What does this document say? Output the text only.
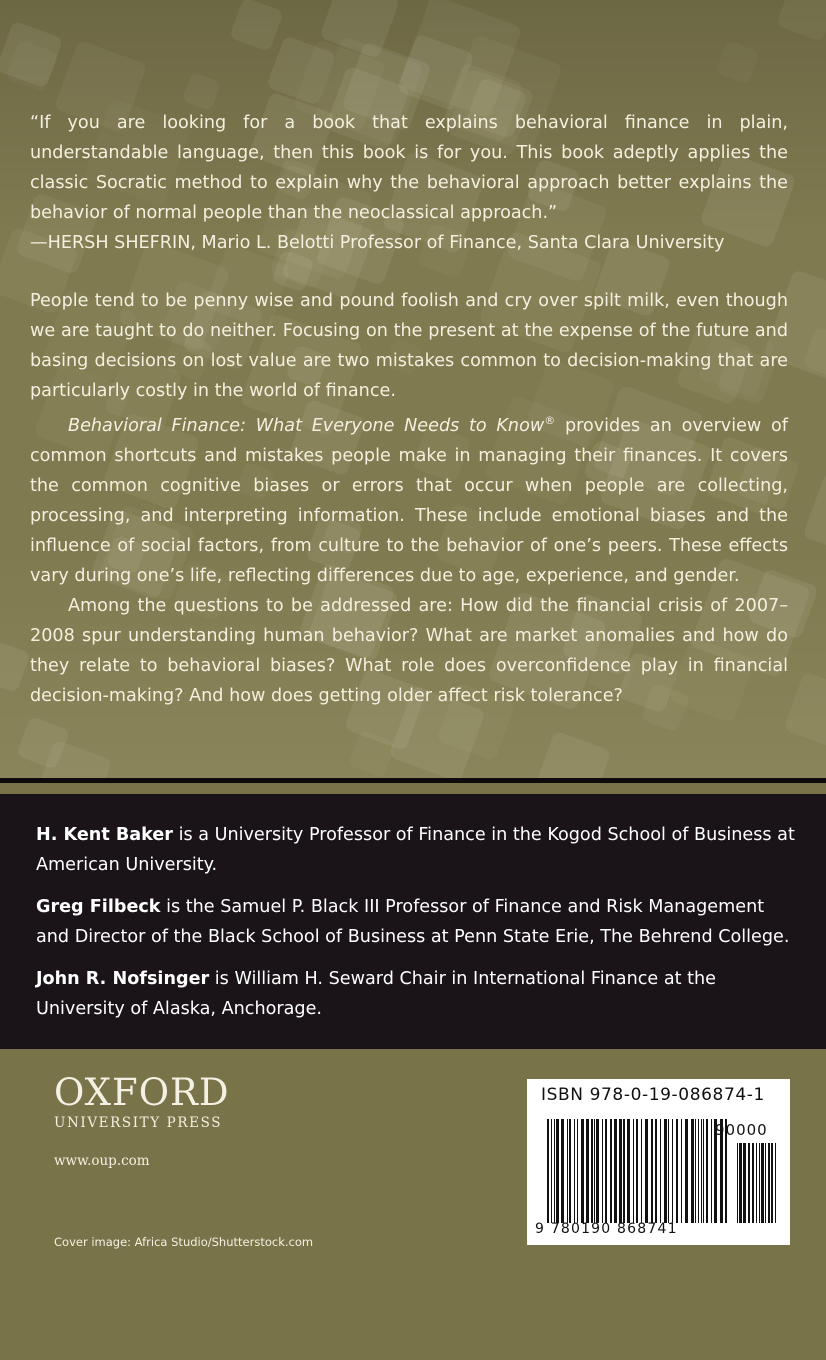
“If you are looking for a book that explains behavioral finance in plain, understandable language, then this book is for you. This book adeptly applies the classic Socratic method to explain why the behavioral approach better explains the behavior of normal people than the neoclassical approach.”

—HERSH SHEFRIN, Mario L. Belotti Professor of Finance, Santa Clara University

People tend to be penny wise and pound foolish and cry over spilt milk, even though we are taught to do neither. Focusing on the present at the expense of the future and basing decisions on lost value are two mistakes common to decision-making that are particularly costly in the world of finance.

Behavioral Finance: What Everyone Needs to Know® provides an overview of common shortcuts and mistakes people make in managing their finances. It covers the common cognitive biases or errors that occur when people are collecting, processing, and interpreting information. These include emotional biases and the influence of social factors, from culture to the behavior of one’s peers. These effects vary during one’s life, reflecting differences due to age, experience, and gender.

Among the questions to be addressed are: How did the financial crisis of 2007–2008 spur understanding human behavior? What are market anomalies and how do they relate to behavioral biases? What role does overconfidence play in financial decision-making? And how does getting older affect risk tolerance?

H. Kent Baker is a University Professor of Finance in the Kogod School of Business at American University.

Greg Filbeck is the Samuel P. Black III Professor of Finance and Risk Management and Director of the Black School of Business at Penn State Erie, The Behrend College.

John R. Nofsinger is William H. Seward Chair in International Finance at the University of Alaska, Anchorage.

OXFORD
UNIVERSITY PRESS
www.oup.com
Cover image: Africa Studio/Shutterstock.com
ISBN 978-0-19-086874-1
90000
9 780190 868741
